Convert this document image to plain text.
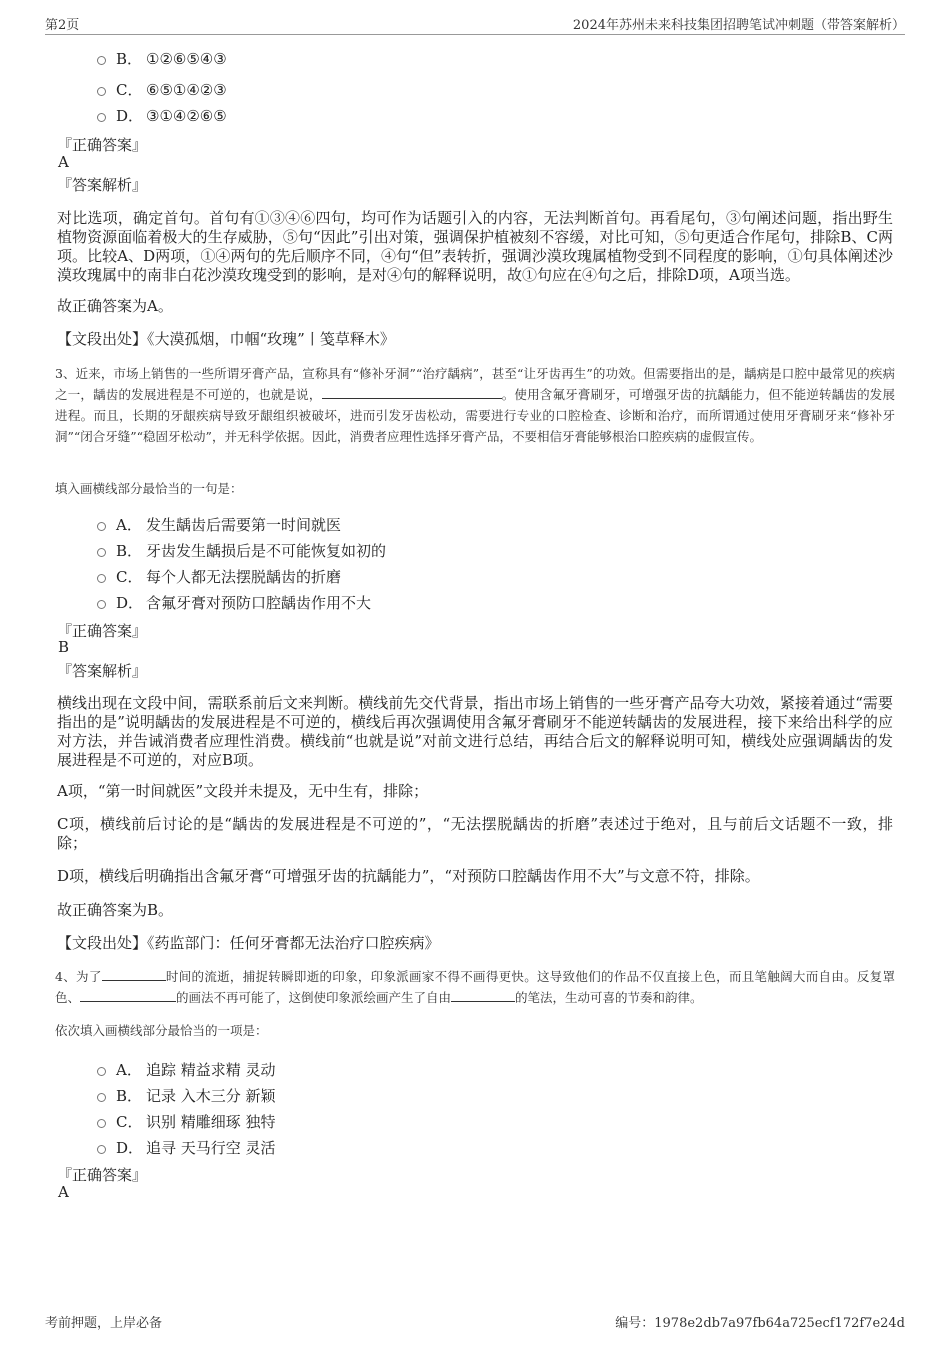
第2页	2024年苏州未来科技集团招聘笔试冲刺题（带答案解析）
B． ①②⑥⑤④③
C． ⑥⑤①④②③
D． ③①④②⑥⑤
『正确答案』
A
『答案解析』
对比选项，确定首句。首句有①③④⑥四句，均可作为话题引入的内容，无法判断首句。再看尾句，③句阐述问题，指出野生植物资源面临着极大的生存威胁，⑤句“因此”引出对策，强调保护植被刻不容缓，对比可知，⑤句更适合作尾句，排除B、C两项。比较A、D两项，①④两句的先后顺序不同，④句“但”表转折，强调沙漠玫瑰属植物受到不同程度的影响，①句具体阐述沙漠玫瑰属中的南非白花沙漠玫瑰受到的影响，是对④句的解释说明，故①句应在④句之后，排除D项，A项当选。
故正确答案为A。
【文段出处】《大漠孤烟，巾帼“玫瑰”丨笺草释木》
3、近来，市场上销售的一些所谓牙膏产品，宣称具有“修补牙洞”“治疗龋病”，甚至“让牙齿再生”的功效。但需要指出的是，龋病是口腔中最常见的疾病之一，龋齿的发展进程是不可逆的，也就是说，	。使用含氟牙膏刷牙，可增强牙齿的抗龋能力，但不能逆转龋齿的发展进程。而且，长期的牙龈疾病导致牙龈组织被破坏，进而引发牙齿松动，需要进行专业的口腔检查、诊断和治疗，而所谓通过使用牙膏刷牙来“修补牙洞”“闭合牙缝”“稳固牙松动”，并无科学依据。因此，消费者应理性选择牙膏产品，不要相信牙膏能够根治口腔疾病的虚假宣传。
填入画横线部分最恰当的一句是：
A． 发生龋齿后需要第一时间就医
B． 牙齿发生龋损后是不可能恢复如初的
C． 每个人都无法摆脱龋齿的折磨
D． 含氟牙膏对预防口腔龋齿作用不大
『正确答案』
B
『答案解析』
横线出现在文段中间，需联系前后文来判断。横线前先交代背景，指出市场上销售的一些牙膏产品夸大功效，紧接着通过“需要指出的是”说明龋齿的发展进程是不可逆的，横线后再次强调使用含氟牙膏刷牙不能逆转龋齿的发展进程，接下来给出科学的应对方法，并告诫消费者应理性消费。横线前“也就是说”对前文进行总结，再结合后文的解释说明可知，横线处应强调龋齿的发展进程是不可逆的，对应B项。
A项，“第一时间就医”文段并未提及，无中生有，排除；
C项，横线前后讨论的是“龋齿的发展进程是不可逆的”，“无法摆脱龋齿的折磨”表述过于绝对，且与前后文话题不一致，排除；
D项，横线后明确指出含氟牙膏“可增强牙齿的抗龋能力”，“对预防口腔龋齿作用不大”与文意不符，排除。
故正确答案为B。
【文段出处】《药监部门：任何牙膏都无法治疗口腔疾病》
4、为了	时间的流逝，捕捉转瞬即逝的印象，印象派画家不得不画得更快。这导致他们的作品不仅直接上色，而且笔触阔大而自由。反复罩色、	的画法不再可能了，这倒使印象派绘画产生了自由	的笔法，生动可喜的节奏和韵律。
依次填入画横线部分最恰当的一项是：
A． 追踪 精益求精 灵动
B． 记录 入木三分 新颖
C． 识别 精雕细琢 独特
D． 追寻 天马行空 灵活
『正确答案』
A
考前押题，上岸必备	编号：1978e2db7a97fb64a725ecf172f7e24d
